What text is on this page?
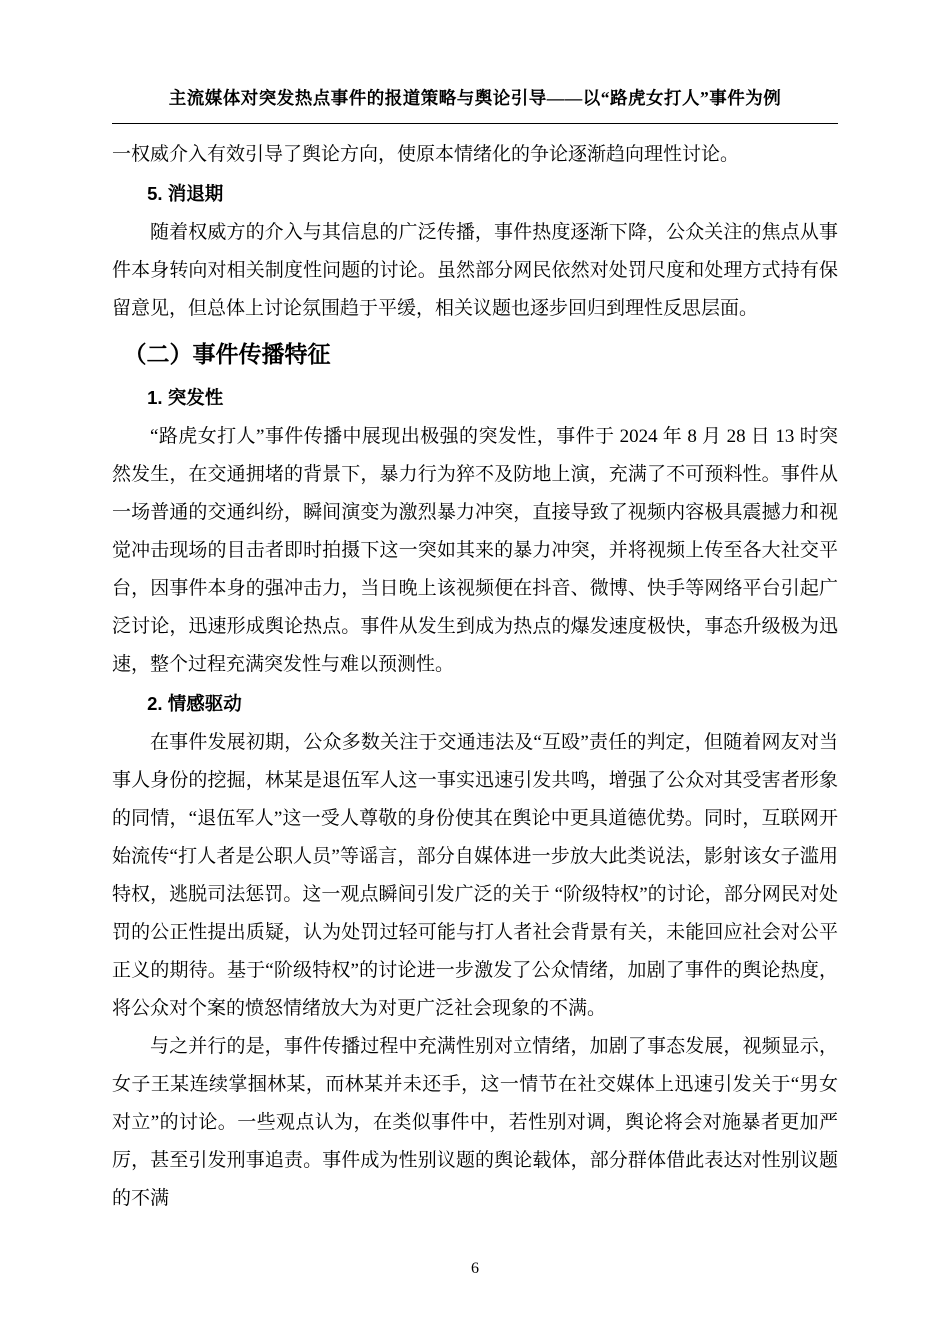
主流媒体对突发热点事件的报道策略与舆论引导——以“路虎女打人”事件为例

一权威介入有效引导了舆论方向，使原本情绪化的争论逐渐趋向理性讨论。

5. 消退期

随着权威方的介入与其信息的广泛传播，事件热度逐渐下降，公众关注的焦点从事件本身转向对相关制度性问题的讨论。虽然部分网民依然对处罚尺度和处理方式持有保留意见，但总体上讨论氛围趋于平缓，相关议题也逐步回归到理性反思层面。

（二）事件传播特征
1. 突发性

“路虎女打人”事件传播中展现出极强的突发性，事件于 2024 年 8 月 28 日 13 时突然发生，在交通拥堵的背景下，暴力行为猝不及防地上演，充满了不可预料性。事件从一场普通的交通纠纷，瞬间演变为激烈暴力冲突，直接导致了视频内容极具震撼力和视觉冲击现场的目击者即时拍摄下这一突如其来的暴力冲突，并将视频上传至各大社交平台，因事件本身的强冲击力，当日晚上该视频便在抖音、微博、快手等网络平台引起广泛讨论，迅速形成舆论热点。事件从发生到成为热点的爆发速度极快，事态升级极为迅速，整个过程充满突发性与难以预测性。

2. 情感驱动

在事件发展初期，公众多数关注于交通违法及“互殴”责任的判定，但随着网友对当事人身份的挖掘，林某是退伍军人这一事实迅速引发共鸣，增强了公众对其受害者形象的同情，“退伍军人”这一受人尊敬的身份使其在舆论中更具道德优势。同时，互联网开始流传“打人者是公职人员”等谣言，部分自媒体进一步放大此类说法，影射该女子滥用特权，逃脱司法惩罚。这一观点瞬间引发广泛的关于 “阶级特权”的讨论，部分网民对处罚的公正性提出质疑，认为处罚过轻可能与打人者社会背景有关，未能回应社会对公平正义的期待。基于“阶级特权”的讨论进一步激发了公众情绪，加剧了事件的舆论热度，将公众对个案的愤怒情绪放大为对更广泛社会现象的不满。

与之并行的是，事件传播过程中充满性别对立情绪，加剧了事态发展，视频显示，女子王某连续掌掴林某，而林某并未还手，这一情节在社交媒体上迅速引发关于“男女对立”的讨论。一些观点认为，在类似事件中，若性别对调，舆论将会对施暴者更加严厉，甚至引发刑事追责。事件成为性别议题的舆论载体，部分群体借此表达对性别议题的不满

6
